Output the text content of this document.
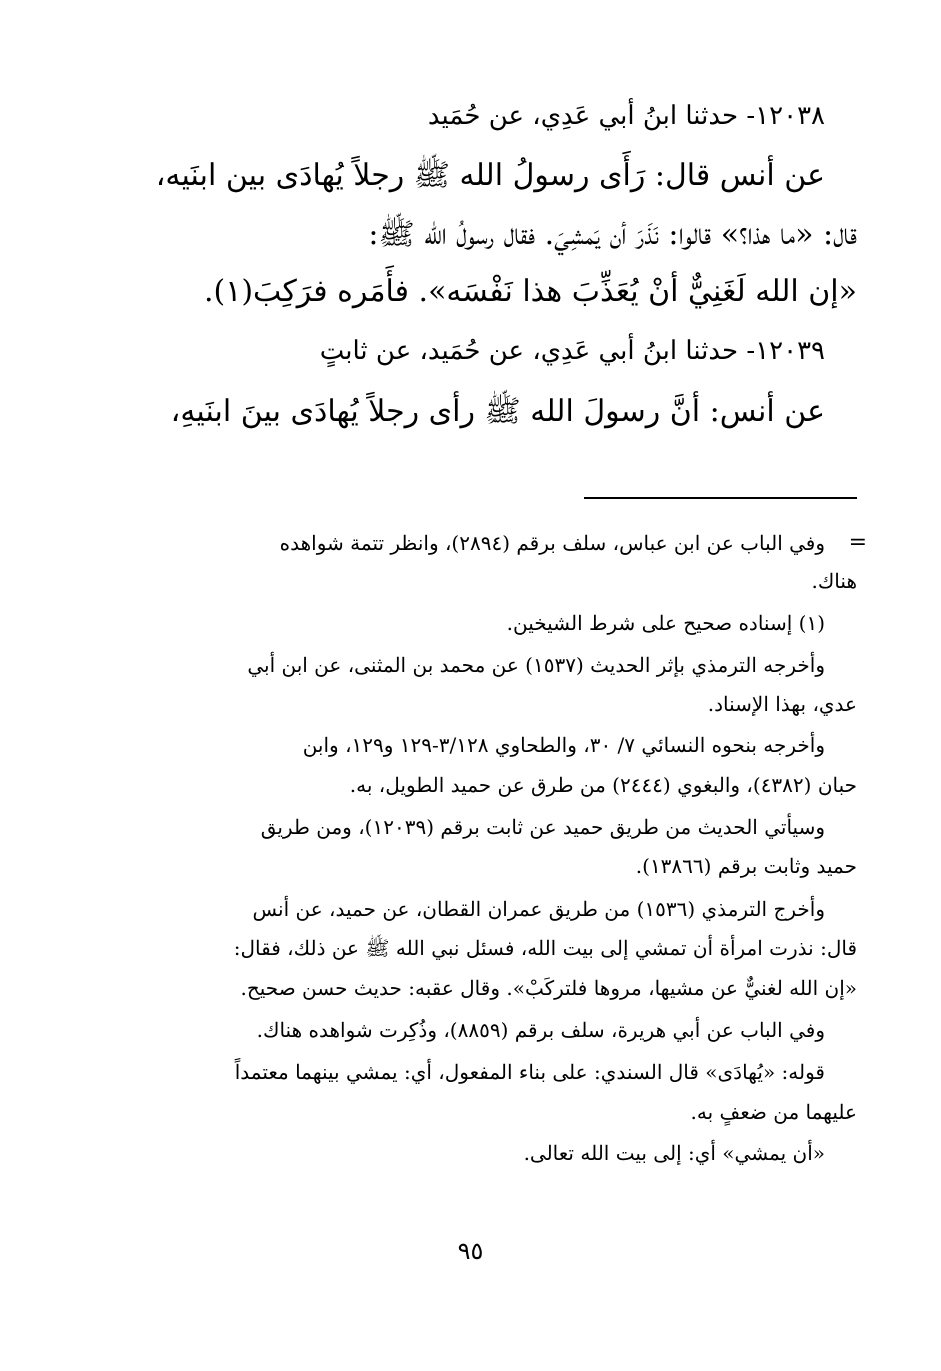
١٢٠٣٨- حدثنا ابنُ أبي عَدِي، عن حُمَيد
عن أنس قال: رَأَى رسولُ الله ﷺ رجلاً يُهادَى بين ابنَيه،
قال: «ما هذا؟» قالوا: نَذَرَ أن يَمشِيَ. فقال رسولُ الله ﷺ:
«إن الله لَغَنِيٌّ أنْ يُعَذِّبَ هذا نَفْسَه». فأَمَره فرَكِبَ(١).
١٢٠٣٩- حدثنا ابنُ أبي عَدِي، عن حُمَيد، عن ثابتٍ
عن أنس: أنَّ رسولَ الله ﷺ رأى رجلاً يُهادَى بينَ ابنَيهِ،
=
وفي الباب عن ابن عباس، سلف برقم (٢٨٩٤)، وانظر تتمة شواهده
هناك.
(١) إسناده صحيح على شرط الشيخين.
وأخرجه الترمذي بإثر الحديث (١٥٣٧) عن محمد بن المثنى، عن ابن أبي
عدي، بهذا الإسناد.
وأخرجه بنحوه النسائي ٧/ ٣٠، والطحاوي ٣/١٢٨-١٢٩ و١٢٩، وابن
حبان (٤٣٨٢)، والبغوي (٢٤٤٤) من طرق عن حميد الطويل، به.
وسيأتي الحديث من طريق حميد عن ثابت برقم (١٢٠٣٩)، ومن طريق
حميد وثابت برقم (١٣٨٦٦).
وأخرج الترمذي (١٥٣٦) من طريق عمران القطان، عن حميد، عن أنس
قال: نذرت امرأة أن تمشي إلى بيت الله، فسئل نبي الله ﷺ عن ذلك، فقال:
«إن الله لغنيٌّ عن مشيها، مروها فلتركَبْ». وقال عقبه: حديث حسن صحيح.
وفي الباب عن أبي هريرة، سلف برقم (٨٨٥٩)، وذُكِرت شواهده هناك.
قوله: «يُهادَى» قال السندي: على بناء المفعول، أي: يمشي بينهما معتمداً
عليهما من ضعفٍ به.
«أن يمشي» أي: إلى بيت الله تعالى.
٩٥
